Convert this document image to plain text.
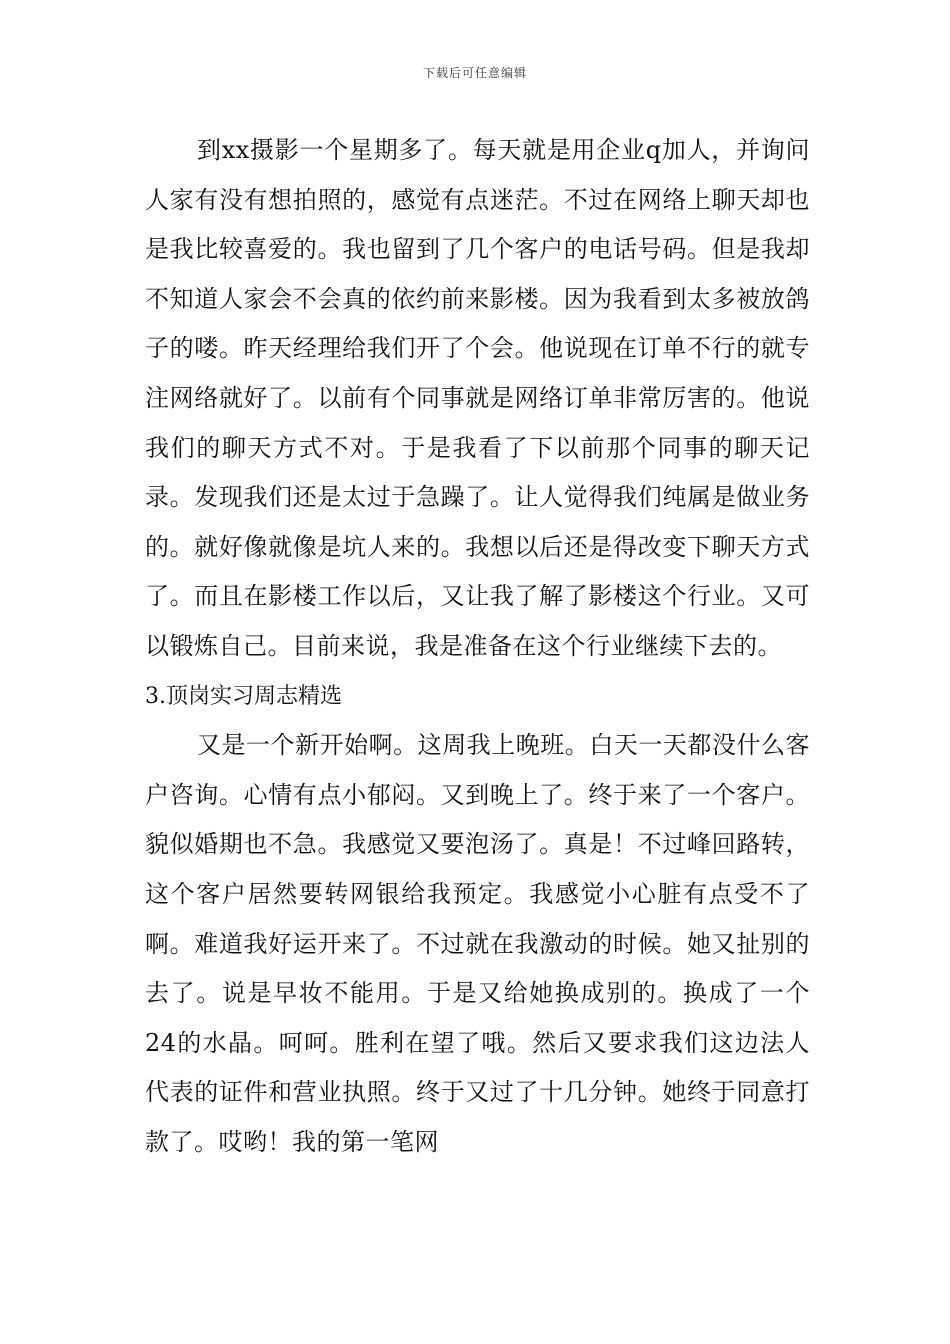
下载后可任意编辑

到xx摄影一个星期多了。每天就是用企业q加人，并询问人家有没有想拍照的，感觉有点迷茫。不过在网络上聊天却也是我比较喜爱的。我也留到了几个客户的电话号码。但是我却不知道人家会不会真的依约前来影楼。因为我看到太多被放鸽子的喽。昨天经理给我们开了个会。他说现在订单不行的就专注网络就好了。以前有个同事就是网络订单非常厉害的。他说我们的聊天方式不对。于是我看了下以前那个同事的聊天记录。发现我们还是太过于急躁了。让人觉得我们纯属是做业务的。就好像就像是坑人来的。我想以后还是得改变下聊天方式了。而且在影楼工作以后，又让我了解了影楼这个行业。又可以锻炼自己。目前来说，我是准备在这个行业继续下去的。

3.顶岗实习周志精选

又是一个新开始啊。这周我上晚班。白天一天都没什么客户咨询。心情有点小郁闷。又到晚上了。终于来了一个客户。貌似婚期也不急。我感觉又要泡汤了。真是！不过峰回路转，这个客户居然要转网银给我预定。我感觉小心脏有点受不了啊。难道我好运开来了。不过就在我激动的时候。她又扯别的去了。说是早妆不能用。于是又给她换成别的。换成了一个24的水晶。呵呵。胜利在望了哦。然后又要求我们这边法人代表的证件和营业执照。终于又过了十几分钟。她终于同意打款了。哎哟！我的第一笔网
